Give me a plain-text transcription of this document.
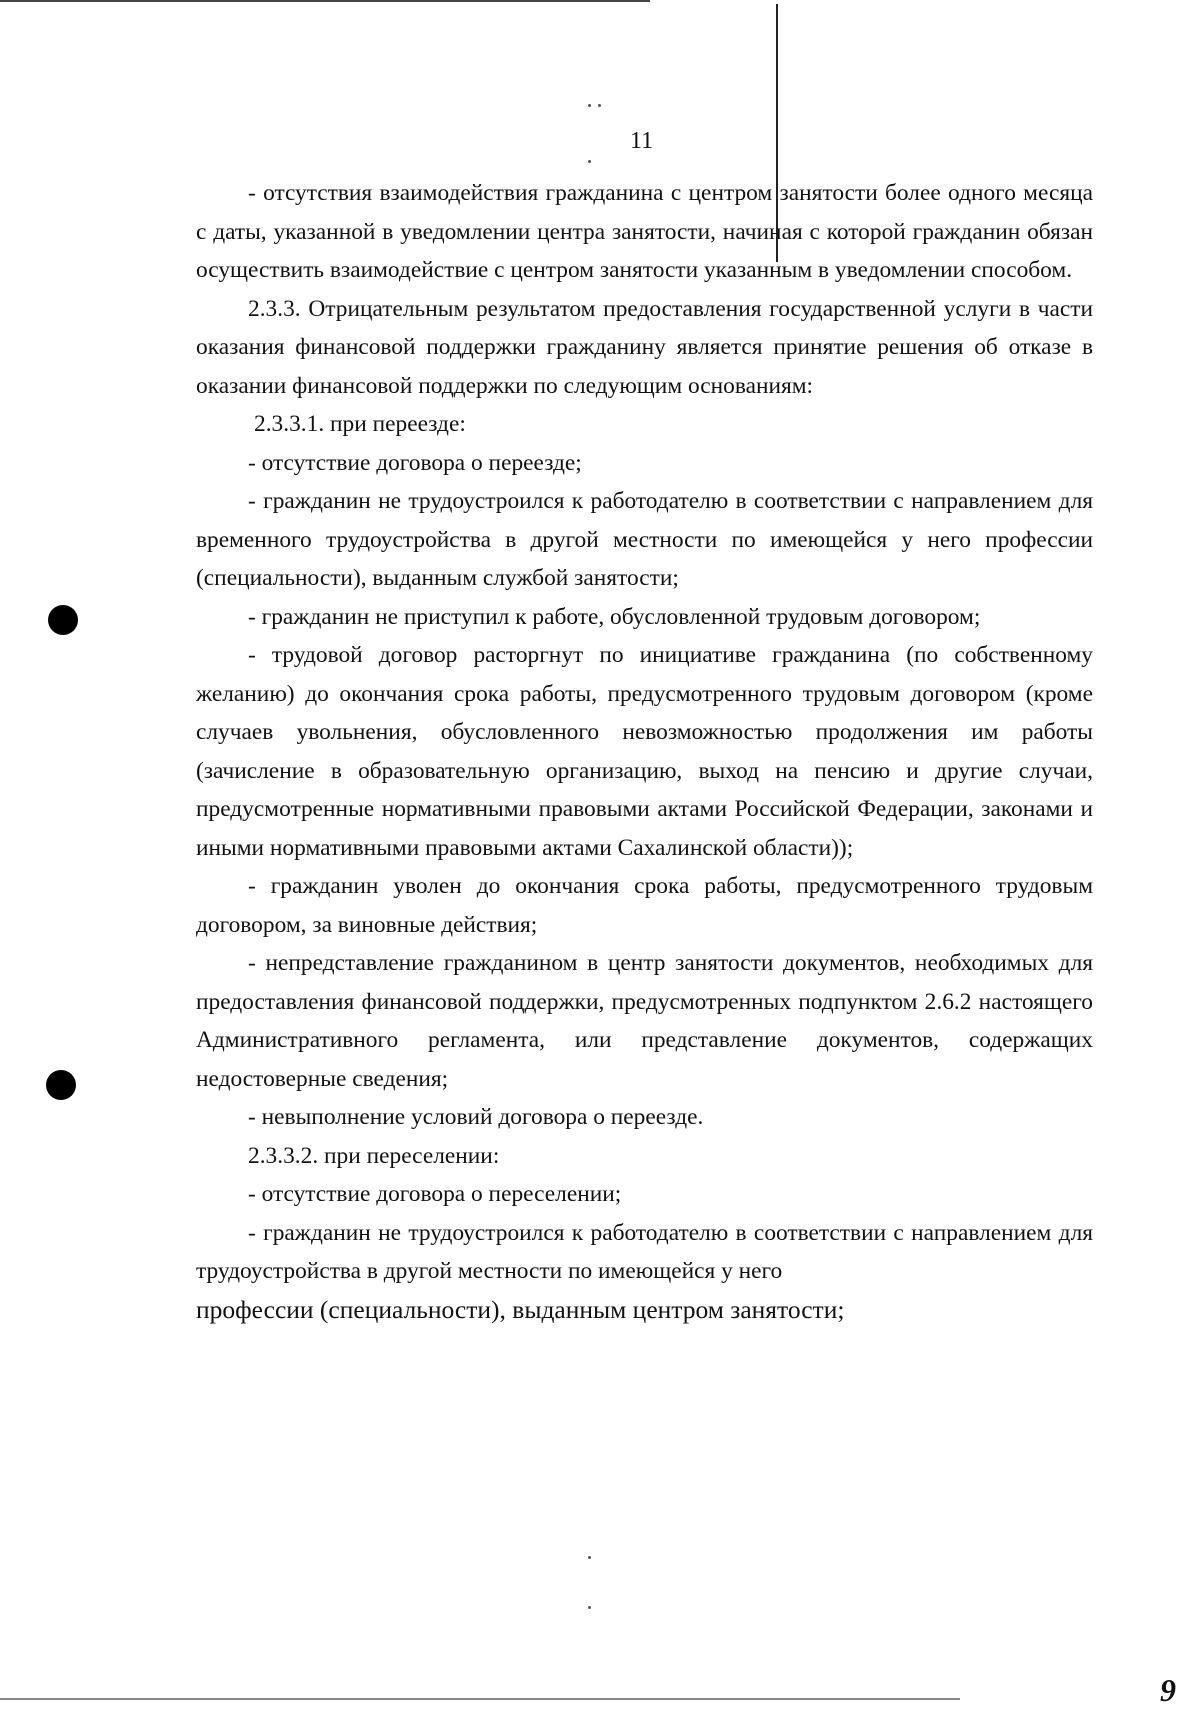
11

- отсутствия взаимодействия гражданина с центром занятости более одного месяца с даты, указанной в уведомлении центра занятости, начиная с которой гражданин обязан осуществить взаимодействие с центром занятости указанным в уведомлении способом.

2.3.3. Отрицательным результатом предоставления государственной услуги в части оказания финансовой поддержки гражданину является принятие решения об отказе в оказании финансовой поддержки по следующим основаниям:

2.3.3.1. при переезде:

- отсутствие договора о переезде;

- гражданин не трудоустроился к работодателю в соответствии с направлением для временного трудоустройства в другой местности по имеющейся у него профессии (специальности), выданным службой занятости;

- гражданин не приступил к работе, обусловленной трудовым договором;

- трудовой договор расторгнут по инициативе гражданина (по собственному желанию) до окончания срока работы, предусмотренного трудовым договором (кроме случаев увольнения, обусловленного невозможностью продолжения им работы (зачисление в образовательную организацию, выход на пенсию и другие случаи, предусмотренные нормативными правовыми актами Российской Федерации, законами и иными нормативными правовыми актами Сахалинской области));

- гражданин уволен до окончания срока работы, предусмотренного трудовым договором, за виновные действия;

- непредставление гражданином в центр занятости документов, необходимых для предоставления финансовой поддержки, предусмотренных подпунктом 2.6.2 настоящего Административного регламента, или представление документов, содержащих недостоверные сведения;

- невыполнение условий договора о переезде.

2.3.3.2. при переселении:

- отсутствие договора о переселении;

- гражданин не трудоустроился к работодателю в соответствии с направлением для трудоустройства в другой местности по имеющейся у него

профессии (специальности), выданным центром занятости;

9
